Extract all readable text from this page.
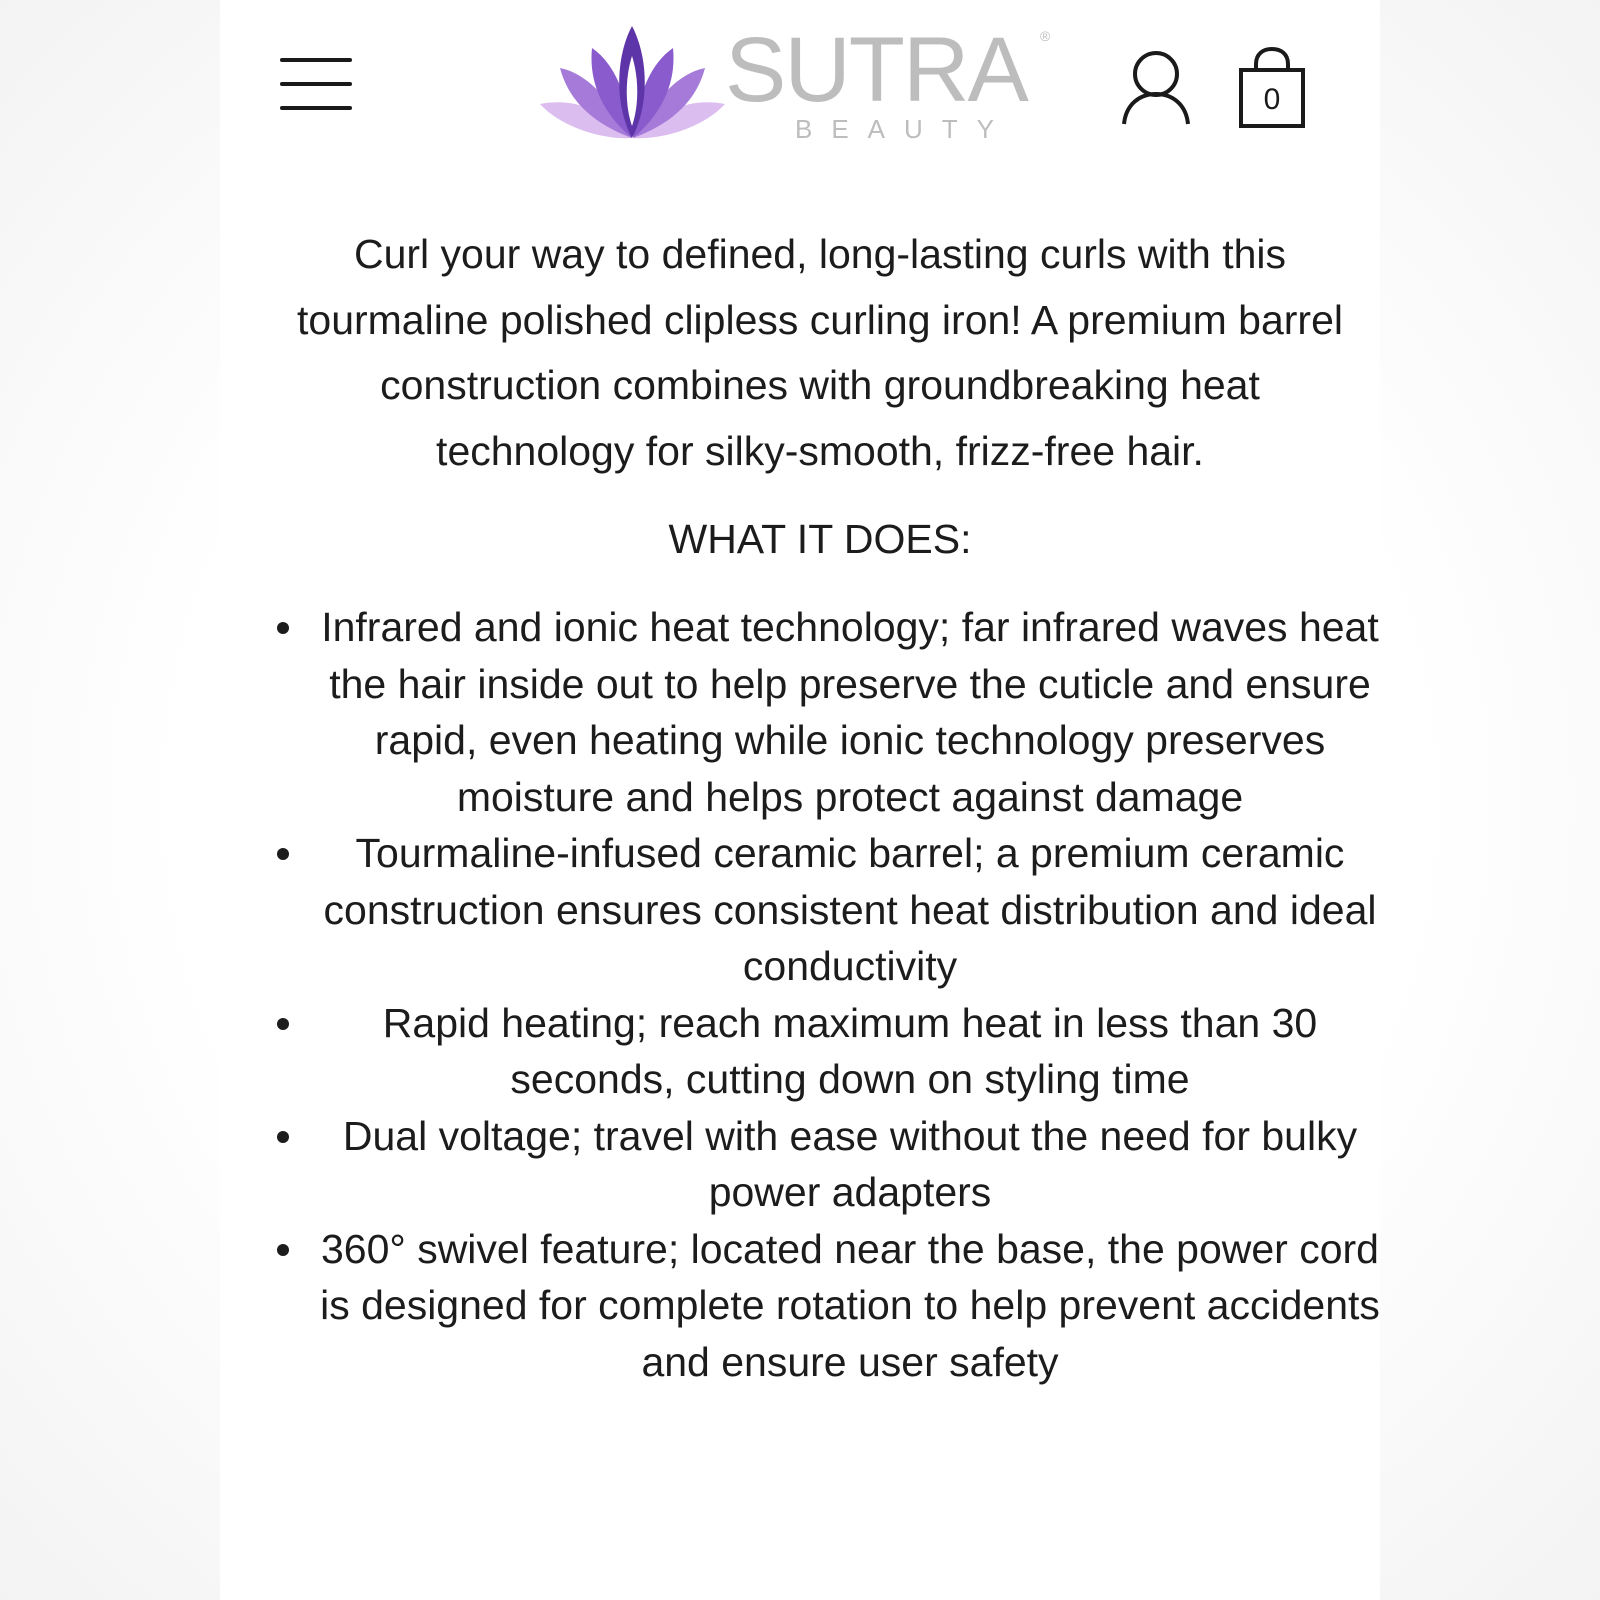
SUTRA ®
BEAUTY
0

Curl your way to defined, long-lasting curls with this tourmaline polished clipless curling iron! A premium barrel construction combines with groundbreaking heat technology for silky-smooth, frizz-free hair.

WHAT IT DOES:
Infrared and ionic heat technology; far infrared waves heat the hair inside out to help preserve the cuticle and ensure rapid, even heating while ionic technology preserves moisture and helps protect against damage
Tourmaline-infused ceramic barrel; a premium ceramic construction ensures consistent heat distribution and ideal conductivity
Rapid heating; reach maximum heat in less than 30 seconds, cutting down on styling time
Dual voltage; travel with ease without the need for bulky power adapters
360° swivel feature; located near the base, the power cord is designed for complete rotation to help prevent accidents and ensure user safety
